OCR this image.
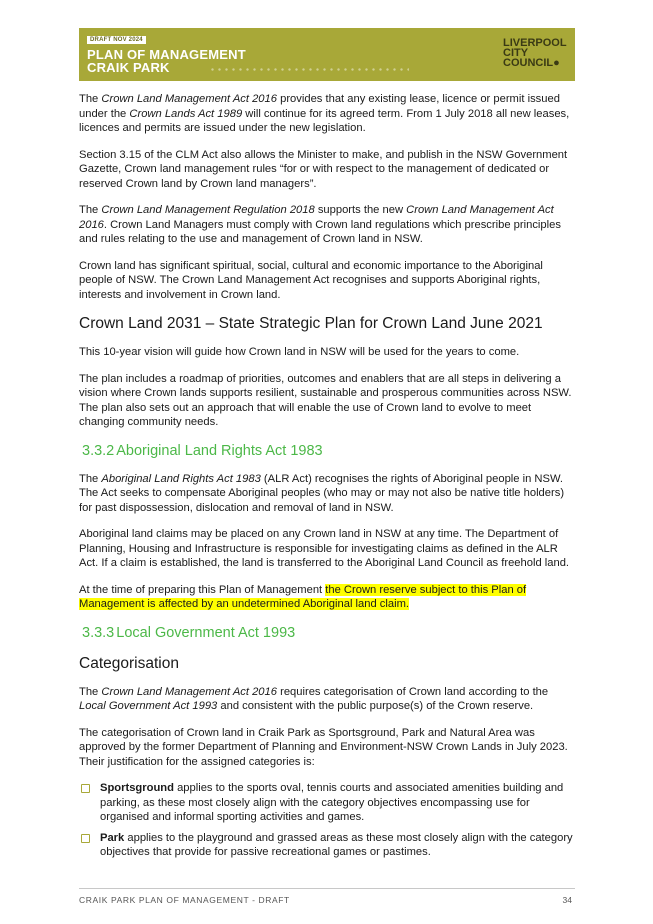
DRAFT NOV 2024
PLAN OF MANAGEMENT
CRAIK PARK
LIVERPOOL
CITY
COUNCIL●

The Crown Land Management Act 2016 provides that any existing lease, licence or permit issued under the Crown Lands Act 1989 will continue for its agreed term. From 1 July 2018 all new leases, licences and permits are issued under the new legislation.

Section 3.15 of the CLM Act also allows the Minister to make, and publish in the NSW Government Gazette, Crown land management rules “for or with respect to the management of dedicated or reserved Crown land by Crown land managers”.

The Crown Land Management Regulation 2018 supports the new Crown Land Management Act 2016. Crown Land Managers must comply with Crown land regulations which prescribe principles and rules relating to the use and management of Crown land in NSW.

Crown land has significant spiritual, social, cultural and economic importance to the Aboriginal people of NSW. The Crown Land Management Act recognises and supports Aboriginal rights, interests and involvement in Crown land.

Crown Land 2031 – State Strategic Plan for Crown Land June 2021

This 10-year vision will guide how Crown land in NSW will be used for the years to come.

The plan includes a roadmap of priorities, outcomes and enablers that are all steps in delivering a vision where Crown lands supports resilient, sustainable and prosperous communities across NSW. The plan also sets out an approach that will enable the use of Crown land to evolve to meet changing community needs.

3.3.2 Aboriginal Land Rights Act 1983

The Aboriginal Land Rights Act 1983 (ALR Act) recognises the rights of Aboriginal people in NSW. The Act seeks to compensate Aboriginal peoples (who may or may not also be native title holders) for past dispossession, dislocation and removal of land in NSW.

Aboriginal land claims may be placed on any Crown land in NSW at any time. The Department of Planning, Housing and Infrastructure is responsible for investigating claims as defined in the ALR Act. If a claim is established, the land is transferred to the Aboriginal Land Council as freehold land.

At the time of preparing this Plan of Management the Crown reserve subject to this Plan of Management is affected by an undetermined Aboriginal land claim.

3.3.3 Local Government Act 1993
Categorisation

The Crown Land Management Act 2016 requires categorisation of Crown land according to the Local Government Act 1993 and consistent with the public purpose(s) of the Crown reserve.

The categorisation of Crown land in Craik Park as Sportsground, Park and Natural Area was approved by the former Department of Planning and Environment-NSW Crown Lands in July 2023. Their justification for the assigned categories is:

Sportsground applies to the sports oval, tennis courts and associated amenities building and parking, as these most closely align with the category objectives encompassing use for organised and informal sporting activities and games.
Park applies to the playground and grassed areas as these most closely align with the category objectives that provide for passive recreational games or pastimes.
CRAIK PARK PLAN OF MANAGEMENT - DRAFT	34
